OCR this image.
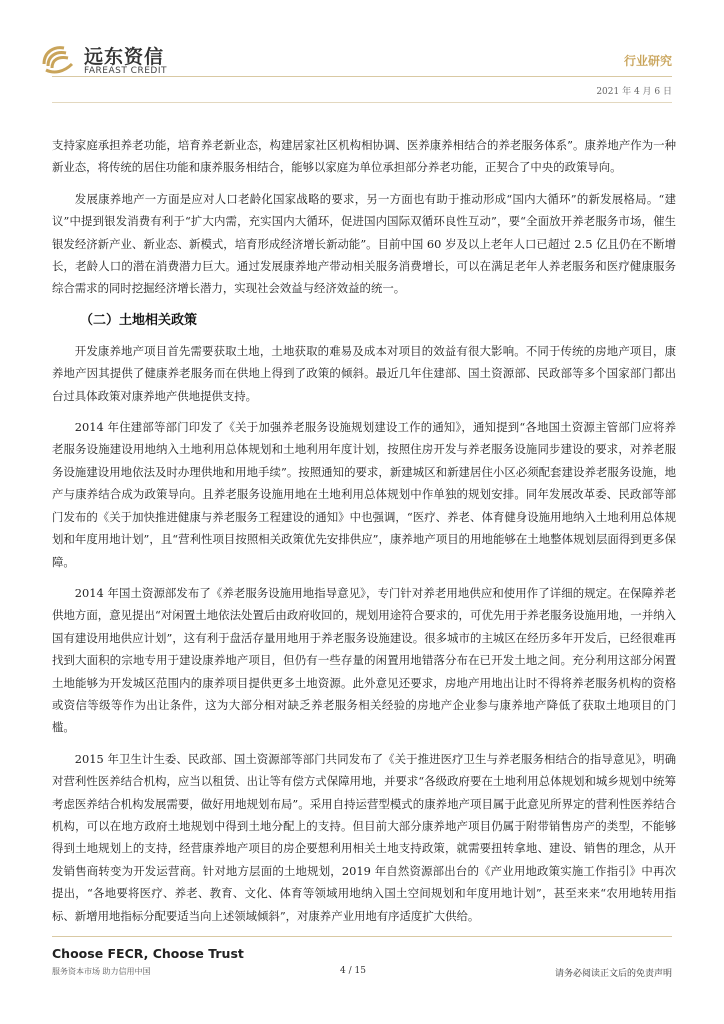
远东资信
FAREAST CREDIT
行业研究
2021 年 4 月 6 日

支持家庭承担养老功能，培育养老新业态，构建居家社区机构相协调、医养康养相结合的养老服务体系”。康养地产作为一种新业态，将传统的居住功能和康养服务相结合，能够以家庭为单位承担部分养老功能，正契合了中央的政策导向。

发展康养地产一方面是应对人口老龄化国家战略的要求，另一方面也有助于推动形成“国内大循环”的新发展格局。“建议”中提到银发消费有利于“扩大内需，充实国内大循环，促进国内国际双循环良性互动”，要“全面放开养老服务市场，催生银发经济新产业、新业态、新模式，培育形成经济增长新动能”。目前中国 60 岁及以上老年人口已超过 2.5 亿且仍在不断增长，老龄人口的潜在消费潜力巨大。通过发展康养地产带动相关服务消费增长，可以在满足老年人养老服务和医疗健康服务综合需求的同时挖掘经济增长潜力，实现社会效益与经济效益的统一。

（二）土地相关政策

开发康养地产项目首先需要获取土地，土地获取的难易及成本对项目的效益有很大影响。不同于传统的房地产项目，康养地产因其提供了健康养老服务而在供地上得到了政策的倾斜。最近几年住建部、国土资源部、民政部等多个国家部门都出台过具体政策对康养地产供地提供支持。

2014 年住建部等部门印发了《关于加强养老服务设施规划建设工作的通知》，通知提到“各地国土资源主管部门应将养老服务设施建设用地纳入土地利用总体规划和土地利用年度计划，按照住房开发与养老服务设施同步建设的要求，对养老服务设施建设用地依法及时办理供地和用地手续”。按照通知的要求，新建城区和新建居住小区必须配套建设养老服务设施，地产与康养结合成为政策导向。且养老服务设施用地在土地利用总体规划中作单独的规划安排。同年发展改革委、民政部等部门发布的《关于加快推进健康与养老服务工程建设的通知》中也强调，“医疗、养老、体育健身设施用地纳入土地利用总体规划和年度用地计划”，且“营利性项目按照相关政策优先安排供应”，康养地产项目的用地能够在土地整体规划层面得到更多保障。

2014 年国土资源部发布了《养老服务设施用地指导意见》，专门针对养老用地供应和使用作了详细的规定。在保障养老供地方面，意见提出“对闲置土地依法处置后由政府收回的，规划用途符合要求的，可优先用于养老服务设施用地，一并纳入国有建设用地供应计划”，这有利于盘活存量用地用于养老服务设施建设。很多城市的主城区在经历多年开发后，已经很难再找到大面积的宗地专用于建设康养地产项目，但仍有一些存量的闲置用地错落分布在已开发土地之间。充分利用这部分闲置土地能够为开发城区范围内的康养项目提供更多土地资源。此外意见还要求，房地产用地出让时不得将养老服务机构的资格或资信等级等作为出让条件，这为大部分相对缺乏养老服务相关经验的房地产企业参与康养地产降低了获取土地项目的门槛。

2015 年卫生计生委、民政部、国土资源部等部门共同发布了《关于推进医疗卫生与养老服务相结合的指导意见》，明确对营利性医养结合机构，应当以租赁、出让等有偿方式保障用地，并要求“各级政府要在土地利用总体规划和城乡规划中统筹考虑医养结合机构发展需要，做好用地规划布局”。采用自持运营型模式的康养地产项目属于此意见所界定的营利性医养结合机构，可以在地方政府土地规划中得到土地分配上的支持。但目前大部分康养地产项目仍属于附带销售房产的类型，不能够得到土地规划上的支持，经营康养地产项目的房企要想利用相关土地支持政策，就需要扭转拿地、建设、销售的理念，从开发销售商转变为开发运营商。针对地方层面的土地规划，2019 年自然资源部出台的《产业用地政策实施工作指引》中再次提出，“各地要将医疗、养老、教育、文化、体育等领域用地纳入国土空间规划和年度用地计划”，甚至来来“农用地转用指标、新增用地指标分配要适当向上述领域倾斜”，对康养产业用地有序适度扩大供给。

Choose FECR, Choose Trust
服务资本市场 助力信用中国	4 / 15	请务必阅读正文后的免责声明
